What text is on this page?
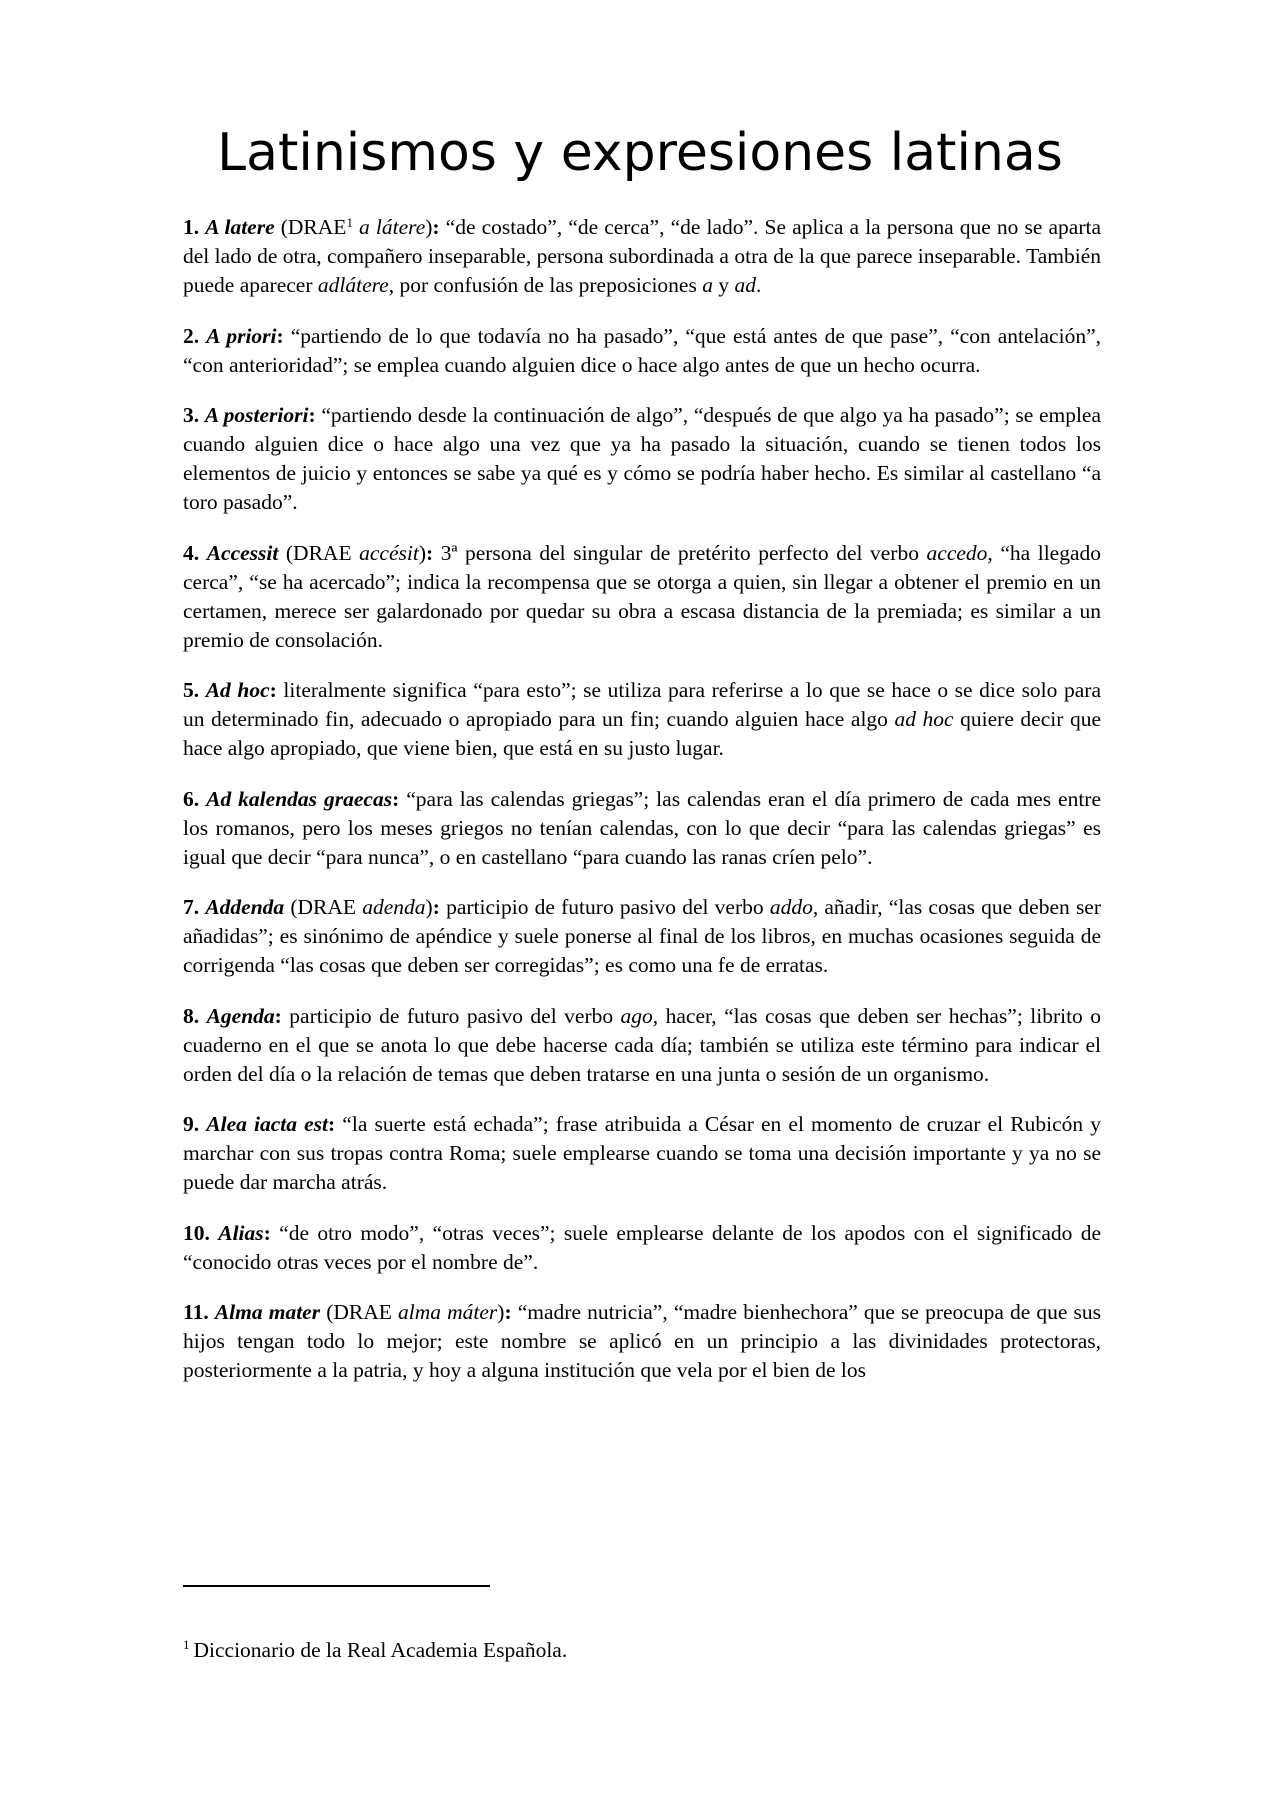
Latinismos y expresiones latinas

1. A latere (DRAE$^1$ a látere): “de costado”, “de cerca”, “de lado”. Se aplica a la persona que no se aparta del lado de otra, compañero inseparable, persona subordinada a otra de la que parece inseparable. También puede aparecer adlátere, por confusión de las preposiciones a y ad.

2. A priori: “partiendo de lo que todavía no ha pasado”, “que está antes de que pase”, “con antelación”, “con anterioridad”; se emplea cuando alguien dice o hace algo antes de que un hecho ocurra.

3. A posteriori: “partiendo desde la continuación de algo”, “después de que algo ya ha pasado”; se emplea cuando alguien dice o hace algo una vez que ya ha pasado la situación, cuando se tienen todos los elementos de juicio y entonces se sabe ya qué es y cómo se podría haber hecho. Es similar al castellano “a toro pasado”.

4. Accessit (DRAE accésit): 3ª persona del singular de pretérito perfecto del verbo accedo, “ha llegado cerca”, “se ha acercado”; indica la recompensa que se otorga a quien, sin llegar a obtener el premio en un certamen, merece ser galardonado por quedar su obra a escasa distancia de la premiada; es similar a un premio de consolación.

5. Ad hoc: literalmente significa “para esto”; se utiliza para referirse a lo que se hace o se dice solo para un determinado fin, adecuado o apropiado para un fin; cuando alguien hace algo ad hoc quiere decir que hace algo apropiado, que viene bien, que está en su justo lugar.

6. Ad kalendas graecas: “para las calendas griegas”; las calendas eran el día primero de cada mes entre los romanos, pero los meses griegos no tenían calendas, con lo que decir “para las calendas griegas” es igual que decir “para nunca”, o en castellano “para cuando las ranas críen pelo”.

7. Addenda (DRAE adenda): participio de futuro pasivo del verbo addo, añadir, “las cosas que deben ser añadidas”; es sinónimo de apéndice y suele ponerse al final de los libros, en muchas ocasiones seguida de corrigenda “las cosas que deben ser corregidas”; es como una fe de erratas.

8. Agenda: participio de futuro pasivo del verbo ago, hacer, “las cosas que deben ser hechas”; librito o cuaderno en el que se anota lo que debe hacerse cada día; también se utiliza este término para indicar el orden del día o la relación de temas que deben tratarse en una junta o sesión de un organismo.

9. Alea iacta est: “la suerte está echada”; frase atribuida a César en el momento de cruzar el Rubicón y marchar con sus tropas contra Roma; suele emplearse cuando se toma una decisión importante y ya no se puede dar marcha atrás.

10. Alias: “de otro modo”, “otras veces”; suele emplearse delante de los apodos con el significado de “conocido otras veces por el nombre de”.

11. Alma mater (DRAE alma máter): “madre nutricia”, “madre bienhechora” que se preocupa de que sus hijos tengan todo lo mejor; este nombre se aplicó en un principio a las divinidades protectoras, posteriormente a la patria, y hoy a alguna institución que vela por el bien de los

$^1$ Diccionario de la Real Academia Española.
